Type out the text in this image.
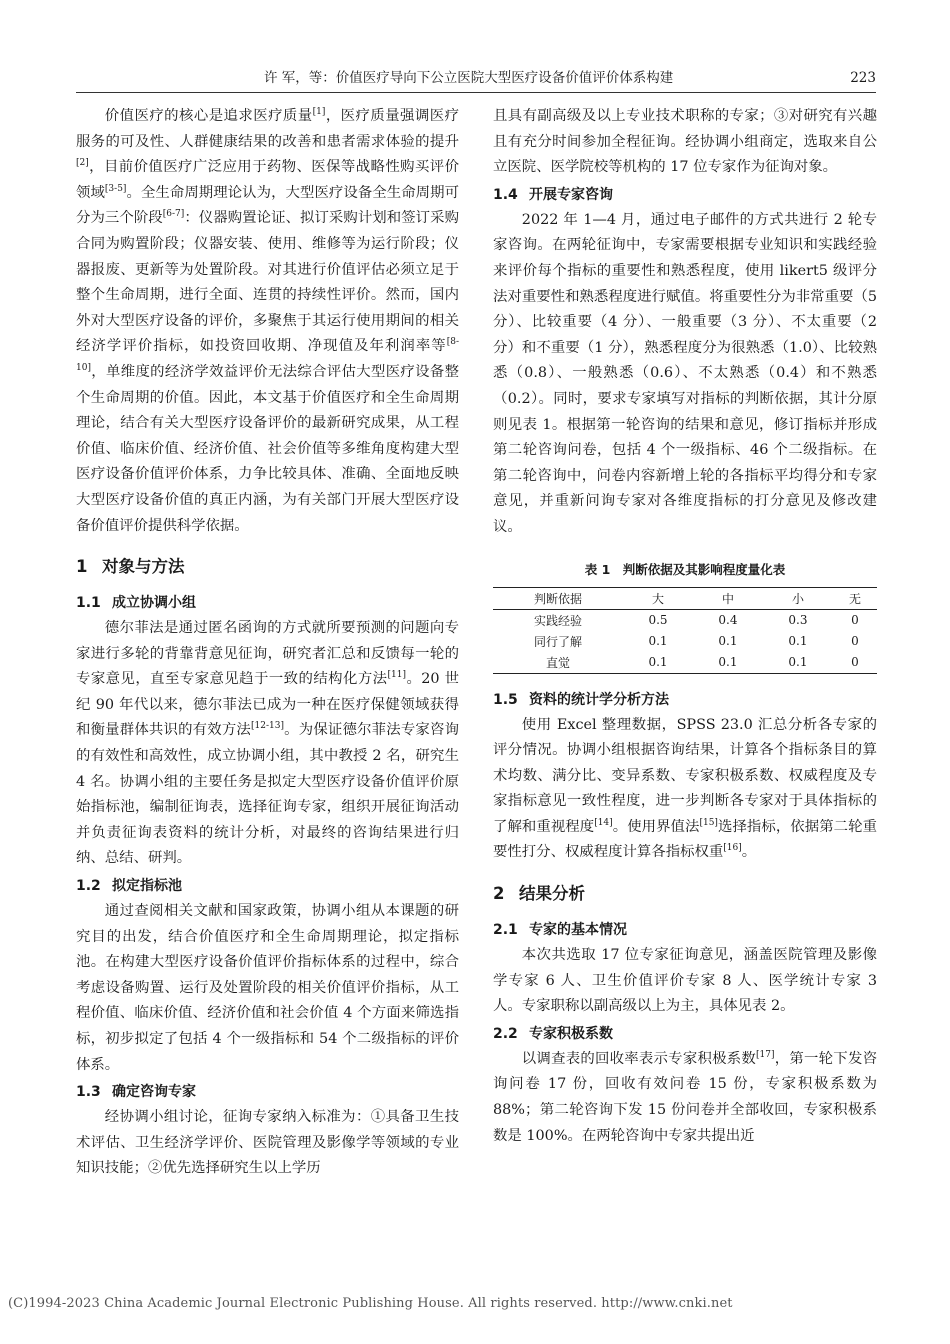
许 军，等：价值医疗导向下公立医院大型医疗设备价值评价体系构建	223

价值医疗的核心是追求医疗质量[1]，医疗质量强调医疗服务的可及性、人群健康结果的改善和患者需求体验的提升[2]，目前价值医疗广泛应用于药物、医保等战略性购买评价领域[3-5]。全生命周期理论认为，大型医疗设备全生命周期可分为三个阶段[6-7]：仪器购置论证、拟订采购计划和签订采购合同为购置阶段；仪器安装、使用、维修等为运行阶段；仪器报废、更新等为处置阶段。对其进行价值评估必须立足于整个生命周期，进行全面、连贯的持续性评价。然而，国内外对大型医疗设备的评价，多聚焦于其运行使用期间的相关经济学评价指标，如投资回收期、净现值及年利润率等[8-10]，单维度的经济学效益评价无法综合评估大型医疗设备整个生命周期的价值。因此，本文基于价值医疗和全生命周期理论，结合有关大型医疗设备评价的最新研究成果，从工程价值、临床价值、经济价值、社会价值等多维角度构建大型医疗设备价值评价体系，力争比较具体、准确、全面地反映大型医疗设备价值的真正内涵，为有关部门开展大型医疗设备价值评价提供科学依据。

1 对象与方法
1.1 成立协调小组

德尔菲法是通过匿名函询的方式就所要预测的问题向专家进行多轮的背靠背意见征询，研究者汇总和反馈每一轮的专家意见，直至专家意见趋于一致的结构化方法[11]。20 世纪 90 年代以来，德尔菲法已成为一种在医疗保健领域获得和衡量群体共识的有效方法[12-13]。为保证德尔菲法专家咨询的有效性和高效性，成立协调小组，其中教授 2 名，研究生 4 名。协调小组的主要任务是拟定大型医疗设备价值评价原始指标池，编制征询表，选择征询专家，组织开展征询活动并负责征询表资料的统计分析，对最终的咨询结果进行归纳、总结、研判。

1.2 拟定指标池

通过查阅相关文献和国家政策，协调小组从本课题的研究目的出发，结合价值医疗和全生命周期理论，拟定指标池。在构建大型医疗设备价值评价指标体系的过程中，综合考虑设备购置、运行及处置阶段的相关价值评价指标，从工程价值、临床价值、经济价值和社会价值 4 个方面来筛选指标，初步拟定了包括 4 个一级指标和 54 个二级指标的评价体系。

1.3 确定咨询专家

经协调小组讨论，征询专家纳入标准为：①具备卫生技术评估、卫生经济学评价、医院管理及影像学等领域的专业知识技能；②优先选择研究生以上学历

且具有副高级及以上专业技术职称的专家；③对研究有兴趣且有充分时间参加全程征询。经协调小组商定，选取来自公立医院、医学院校等机构的 17 位专家作为征询对象。

1.4 开展专家咨询

2022 年 1—4 月，通过电子邮件的方式共进行 2 轮专家咨询。在两轮征询中，专家需要根据专业知识和实践经验来评价每个指标的重要性和熟悉程度，使用 likert5 级评分法对重要性和熟悉程度进行赋值。将重要性分为非常重要（5 分）、比较重要（4 分）、一般重要（3 分）、不太重要（2 分）和不重要（1 分），熟悉程度分为很熟悉（1.0）、比较熟悉（0.8）、一般熟悉（0.6）、不太熟悉（0.4）和不熟悉（0.2）。同时，要求专家填写对指标的判断依据，其计分原则见表 1。根据第一轮咨询的结果和意见，修订指标并形成第二轮咨询问卷，包括 4 个一级指标、46 个二级指标。在第二轮咨询中，问卷内容新增上轮的各指标平均得分和专家意见，并重新问询专家对各维度指标的打分意见及修改建议。

表 1　判断依据及其影响程度量化表
判断依据	大	中	小	无
实践经验	0.5	0.4	0.3	0
同行了解	0.1	0.1	0.1	0
直觉	0.1	0.1	0.1	0
1.5 资料的统计学分析方法

使用 Excel 整理数据，SPSS 23.0 汇总分析各专家的评分情况。协调小组根据咨询结果，计算各个指标条目的算术均数、满分比、变异系数、专家积极系数、权威程度及专家指标意见一致性程度，进一步判断各专家对于具体指标的了解和重视程度[14]。使用界值法[15]选择指标，依据第二轮重要性打分、权威程度计算各指标权重[16]。

2 结果分析
2.1 专家的基本情况

本次共选取 17 位专家征询意见，涵盖医院管理及影像学专家 6 人、卫生价值评价专家 8 人、医学统计专家 3 人。专家职称以副高级以上为主，具体见表 2。

2.2 专家积极系数

以调查表的回收率表示专家积极系数[17]，第一轮下发咨询问卷 17 份，回收有效问卷 15 份，专家积极系数为 88%；第二轮咨询下发 15 份问卷并全部收回，专家积极系数是 100%。在两轮咨询中专家共提出近

(C)1994-2023 China Academic Journal Electronic Publishing House. All rights reserved. http://www.cnki.net
